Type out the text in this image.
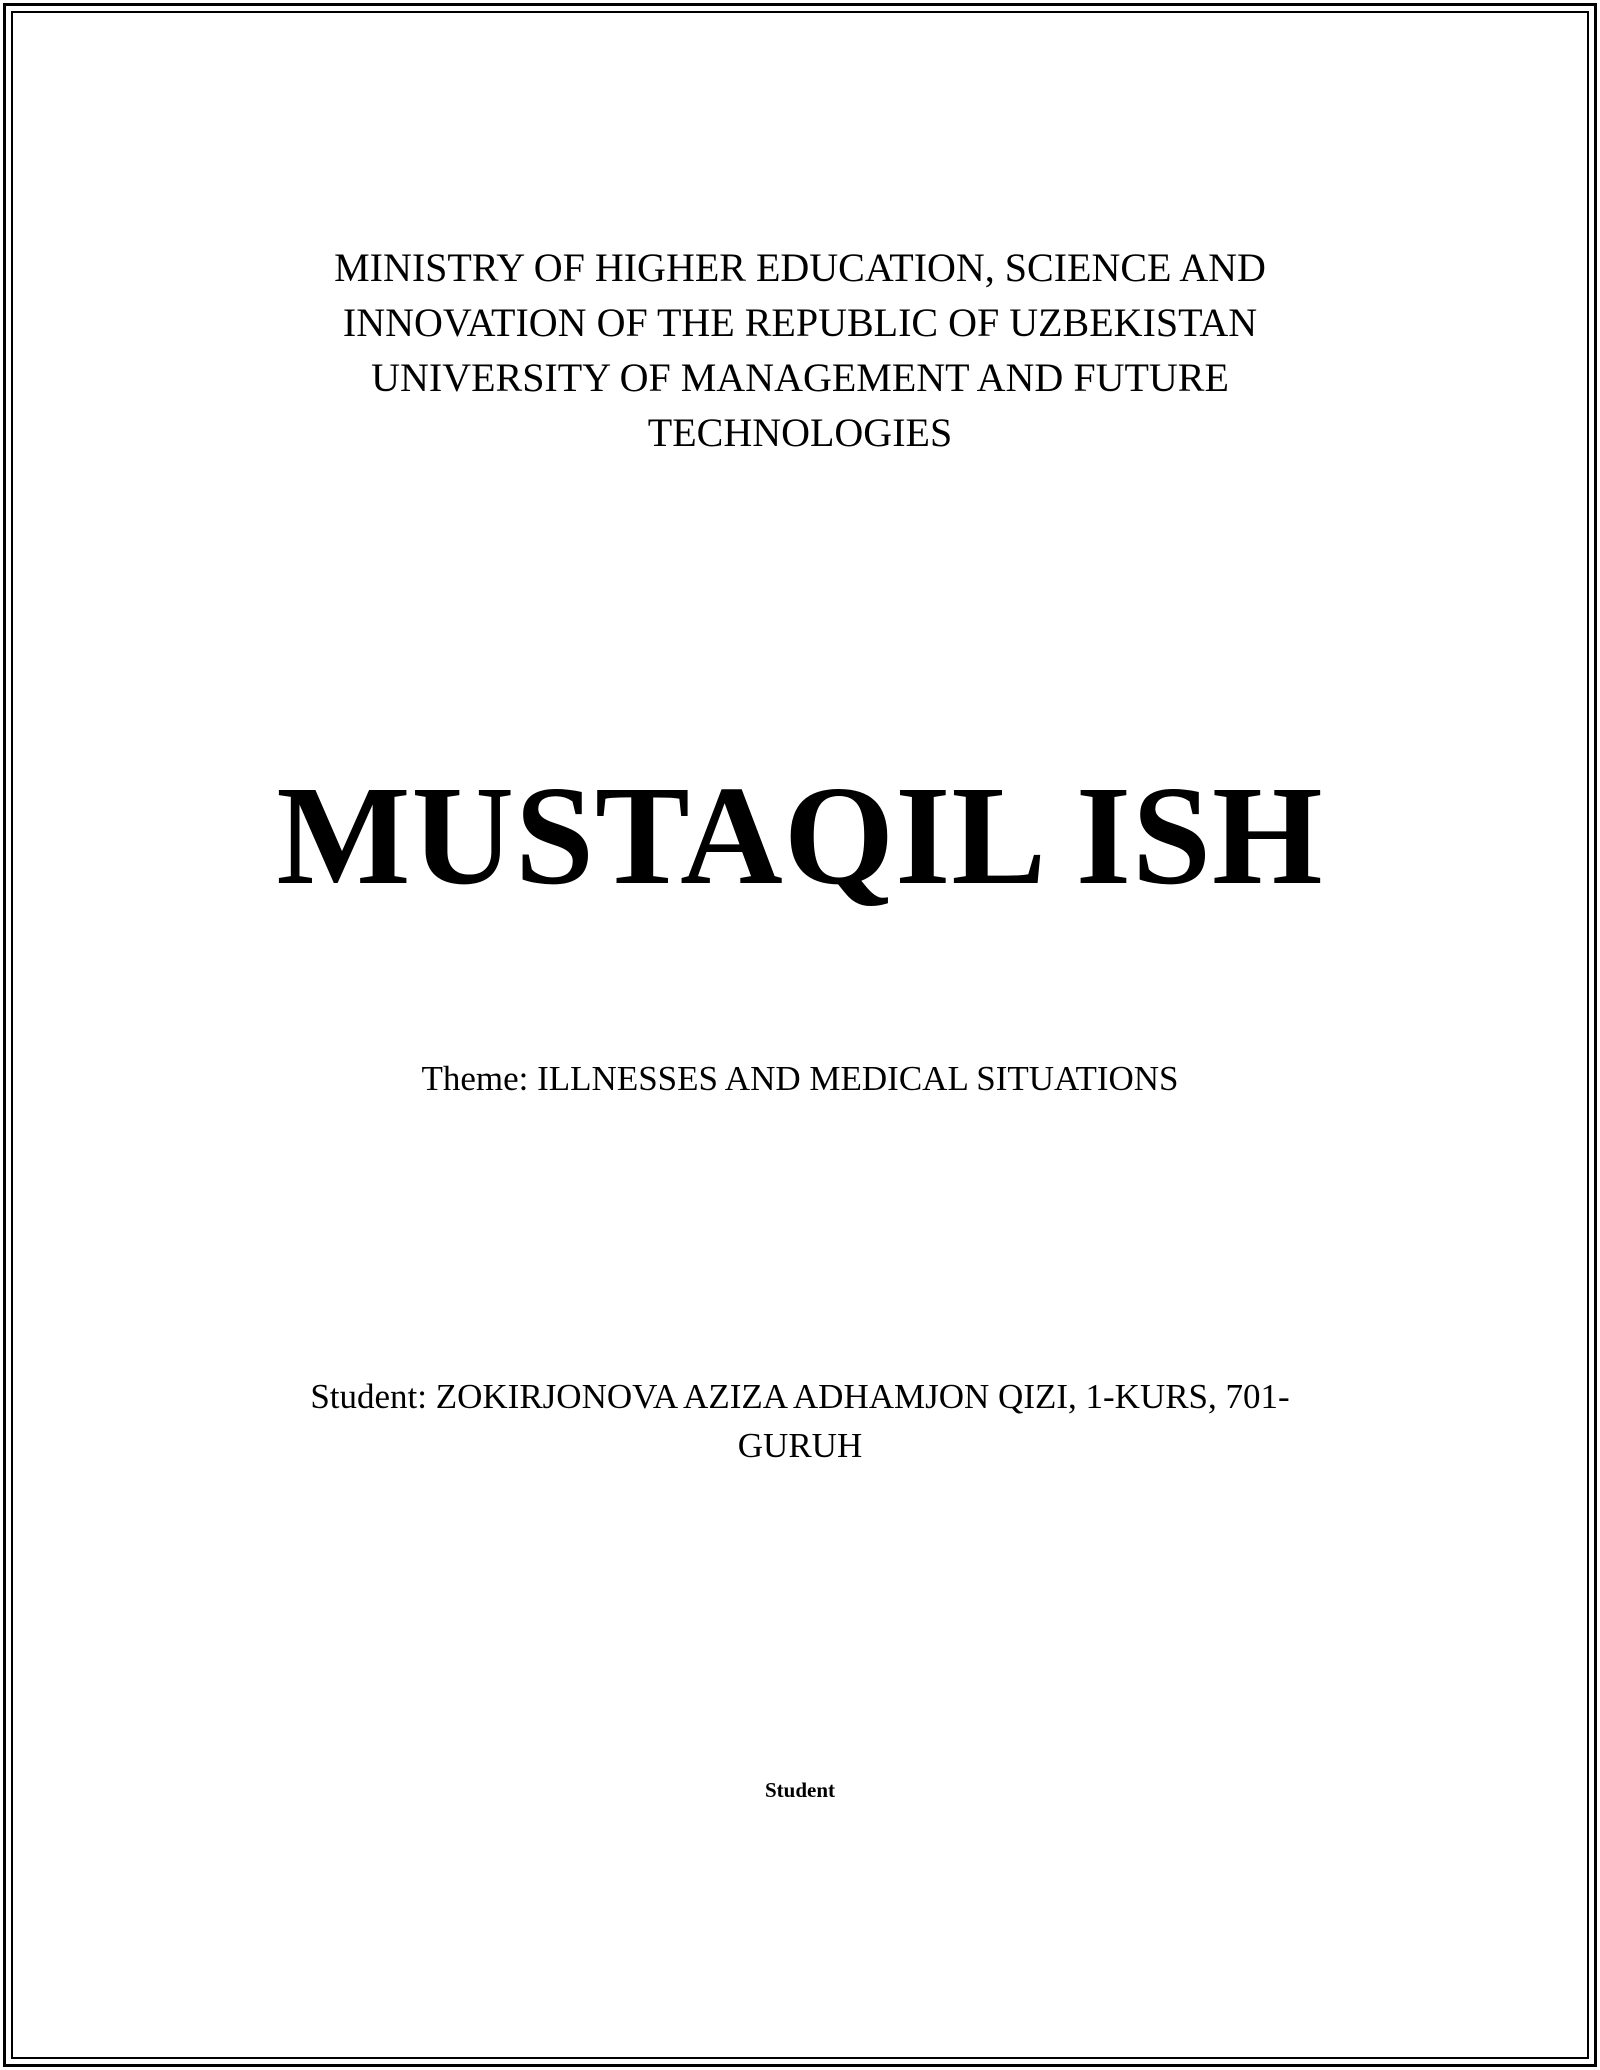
MINISTRY OF HIGHER EDUCATION, SCIENCE AND
INNOVATION OF THE REPUBLIC OF UZBEKISTAN
UNIVERSITY OF MANAGEMENT AND FUTURE
TECHNOLOGIES
MUSTAQIL ISH
Theme: ILLNESSES AND MEDICAL SITUATIONS
Student: ZOKIRJONOVA AZIZA ADHAMJON QIZI, 1-KURS, 701-
GURUH
Student
